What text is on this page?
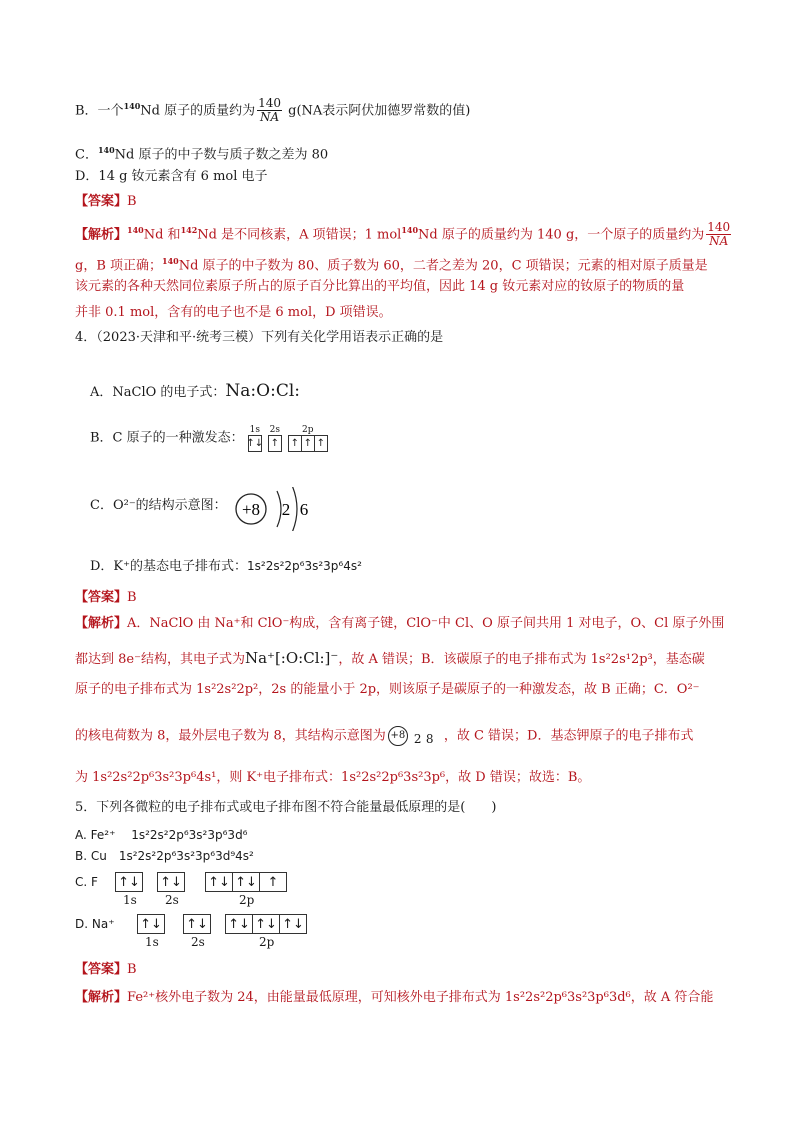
B．一个$^{140}$Nd 原子的质量约为 $\frac{140}{NA} g(NA$表示阿伏加德罗常数的值)
C．$^{140}$Nd 原子的中子数与质子数之差为 80
D．14 g 钕元素含有 6 mol 电子
【答案】B
【解析】$^{140}$Nd 和$^{142}$Nd 是不同核素，A 项错误；1 mol$^{140}$Nd 原子的质量约为 140 g，一个原子的质量约为 $\frac{140}{NA}$
g，B 项正确；$^{140}$Nd 原子的中子数为 80、质子数为 60，二者之差为 20，C 项错误；元素的相对原子质量是
该元素的各种天然同位素原子所占的原子百分比算出的平均值，因此 14 g 钕元素对应的钕原子的物质的量
并非 0.1 mol，含有的电子也不是 6 mol，D 项错误。
4．（2023·天津和平·统考三模）下列有关化学用语表示正确的是
A．NaClO 的电子式：Na:O:Cl:
B．C 原子的一种激发态：
1s
↑↓
2s
↑
2p
↑ ↑ ↑
C．O²⁻的结构示意图： +8 2 6
D．K⁺的基态电子排布式：1s²2s²2p⁶3s²3p⁶4s²
【答案】B
【解析】A．NaClO 由 Na⁺和 ClO⁻构成，含有离子键，ClO⁻中 Cl、O 原子间共用 1 对电子，O、Cl 原子外围
都达到 8e⁻结构，其电子式为Na⁺[:O:Cl:]⁻，故 A 错误；B．该碳原子的电子排布式为 1s²2s¹2p³，基态碳
原子的电子排布式为 1s²2s²2p²，2s 的能量小于 2p，则该原子是碳原子的一种激发态，故 B 正确；C．O²⁻
的核电荷数为 8，最外层电子数为 8，其结构示意图为 +8 2 8 ，故 C 错误；D．基态钾原子的电子排布式
为 1s²2s²2p⁶3s²3p⁶4s¹，则 K⁺电子排布式：1s²2s²2p⁶3s²3p⁶，故 D 错误；故选：B。
5．下列各微粒的电子排布式或电子排布图不符合能量最低原理的是(　　)
A. Fe²⁺　 1s²2s²2p⁶3s²3p⁶3d⁶
B. Cu　1s²2s²2p⁶3s²3p⁶3d⁹4s²
C. F ↑↓
1s
↑↓
2s
↑↓ ↑↓ ↑
2p
D. Na⁺ ↑↓
1s
↑↓
2s
↑↓ ↑↓ ↑↓
2p
【答案】B
【解析】Fe²⁺核外电子数为 24，由能量最低原理，可知核外电子排布式为 1s²2s²2p⁶3s²3p⁶3d⁶，故 A 符合能
